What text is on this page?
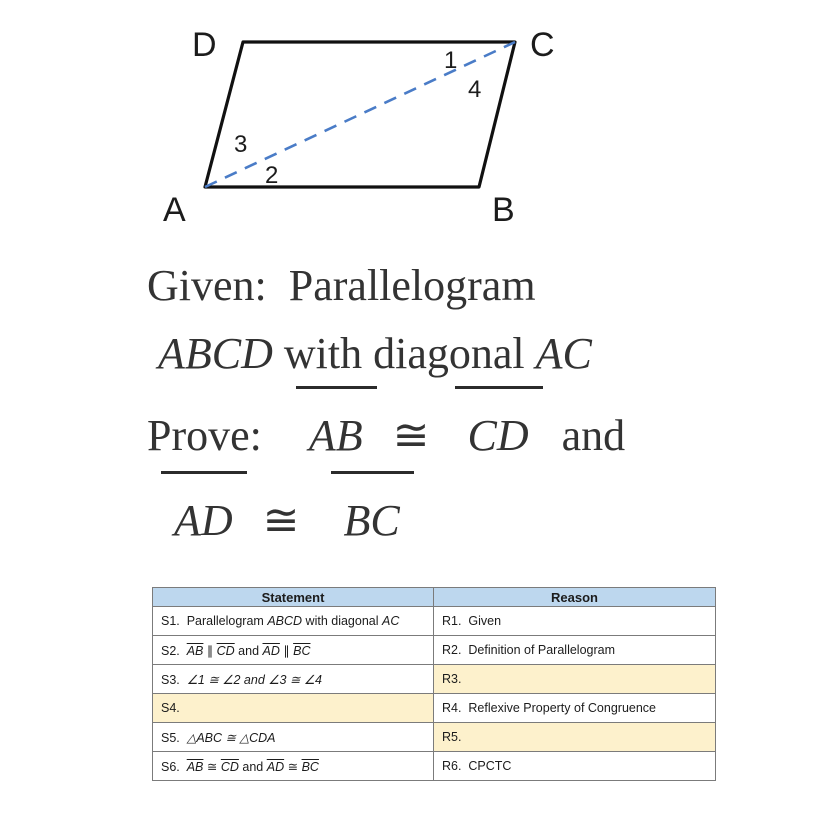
D	C
A	B
1
4
3
2
Given: Parallelogram
ABCD with diagonal AC
Prove: AB ≅ CD and
AD ≅ BC
Statement	Reason
S1. Parallelogram ABCD with diagonal AC	R1. Given
S2. $\overline{AB}$ ∥ $\overline{CD}$ and $\overline{AD}$ ∥ $\overline{BC}$	R2. Definition of Parallelogram
S3. ∠1 ≅ ∠2 and ∠3 ≅ ∠4	R3.
S4.	R4. Reflexive Property of Congruence
S5. △ABC ≅ △CDA	R5.
S6. $\overline{AB}$ ≅ $\overline{CD}$ and $\overline{AD}$ ≅ $\overline{BC}$	R6. CPCTC
